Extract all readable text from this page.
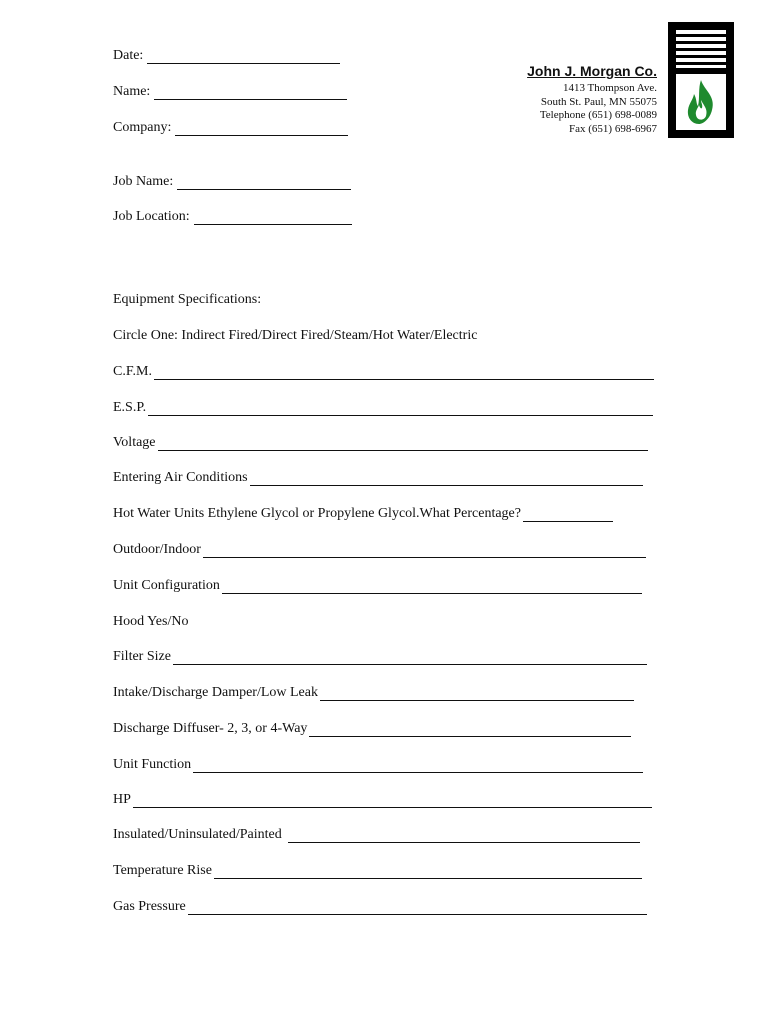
Date:
Name:
Company:
John J. Morgan Co.
1413 Thompson Ave.
South St. Paul, MN 55075
Telephone (651) 698-0089
Fax (651) 698-6967
Job Name:
Job Location:
Equipment Specifications:
Circle One: Indirect Fired/Direct Fired/Steam/Hot Water/Electric
C.F.M.
E.S.P.
Voltage
Entering Air Conditions
Hot Water Units Ethylene Glycol or Propylene Glycol.What Percentage?
Outdoor/Indoor
Unit Configuration
Hood Yes/No
Filter Size
Intake/Discharge Damper/Low Leak
Discharge Diffuser- 2, 3, or 4-Way
Unit Function
HP
Insulated/Uninsulated/Painted
Temperature Rise
Gas Pressure
